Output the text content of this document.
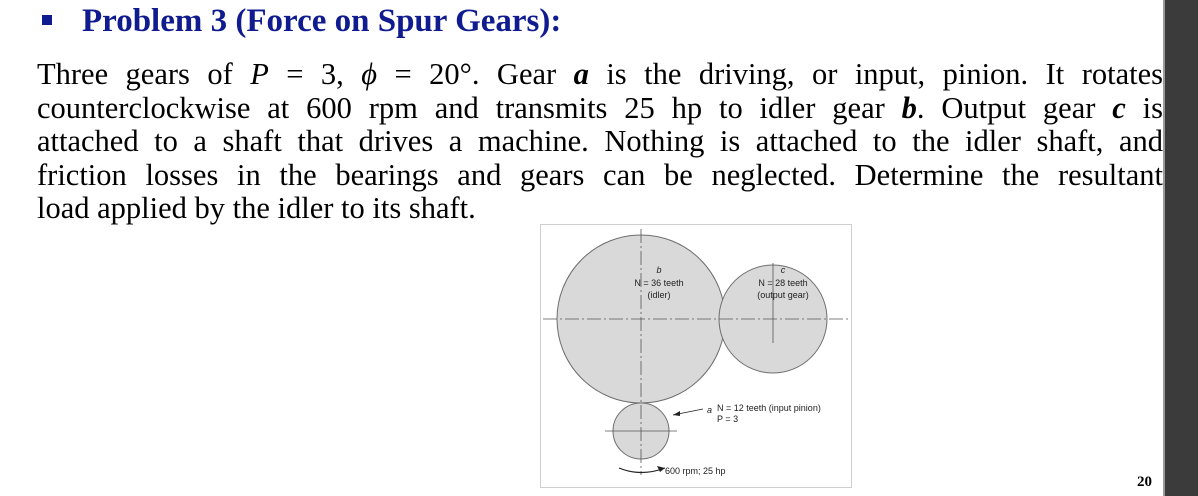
Problem 3 (Force on Spur Gears):

Three gears of P = 3, ϕ = 20°. Gear a is the driving, or input, pinion. It rotates
counterclockwise at 600 rpm and transmits 25 hp to idler gear b. Output gear c is
attached to a shaft that drives a machine. Nothing is attached to the idler shaft, and
friction losses in the bearings and gears can be neglected. Determine the resultant
load applied by the idler to its shaft.

b
N = 36 teeth
(idler)
c
N = 28 teeth
(output gear)
a N = 12 teeth (input pinion)
P = 3
600 rpm; 25 hp
20
